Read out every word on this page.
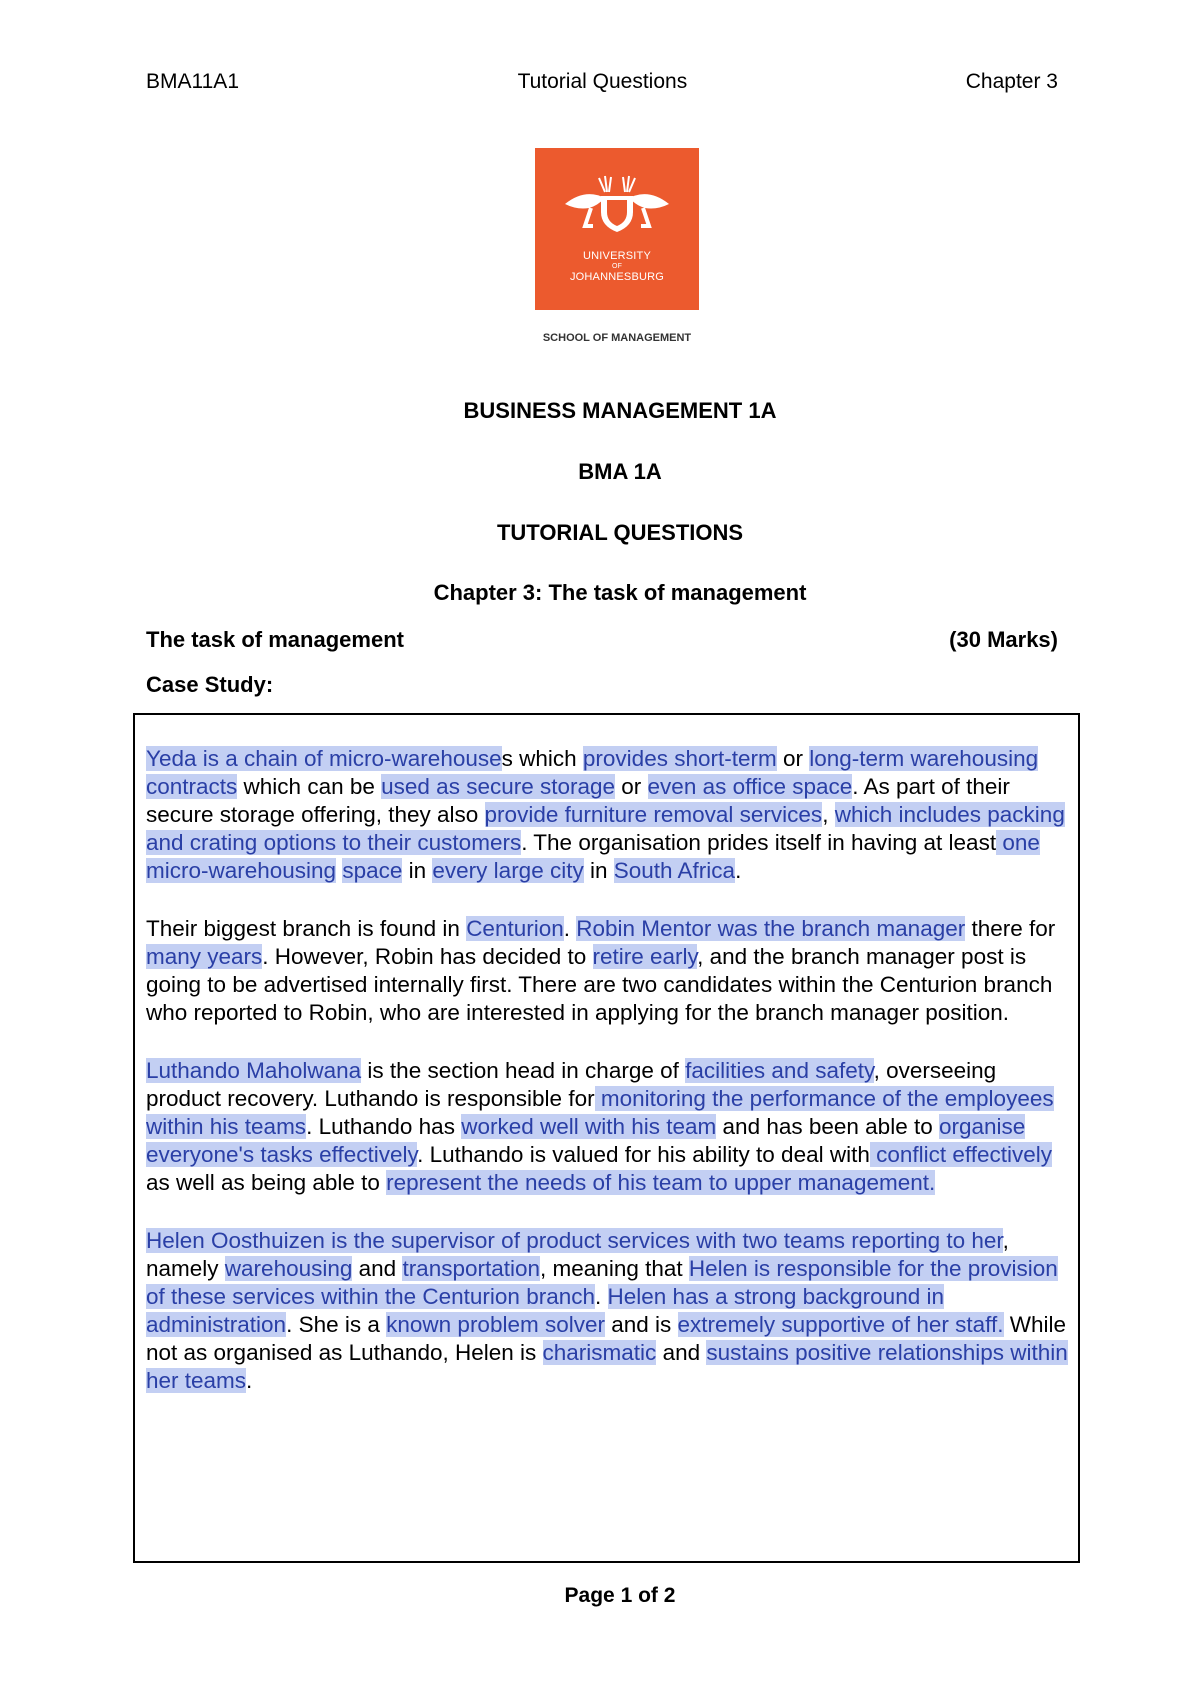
BMA11A1	Tutorial Questions	Chapter 3
UNIVERSITY
OF
JOHANNESBURG
SCHOOL OF MANAGEMENT
BUSINESS MANAGEMENT 1A
BMA 1A
TUTORIAL QUESTIONS
Chapter 3: The task of management
The task of management	(30 Marks)
Case Study:

Yeda is a chain of micro-warehouses which provides short-term or long-term warehousing contracts which can be used as secure storage or even as office space. As part of their secure storage offering, they also provide furniture removal services, which includes packing and crating options to their customers. The organisation prides itself in having at least one micro-warehousing space in every large city in South Africa.

Their biggest branch is found in Centurion. Robin Mentor was the branch manager there for many years. However, Robin has decided to retire early, and the branch manager post is going to be advertised internally first. There are two candidates within the Centurion branch who reported to Robin, who are interested in applying for the branch manager position.

Luthando Maholwana is the section head in charge of facilities and safety, overseeing product recovery. Luthando is responsible for monitoring the performance of the employees within his teams. Luthando has worked well with his team and has been able to organise everyone's tasks effectively. Luthando is valued for his ability to deal with conflict effectively as well as being able to represent the needs of his team to upper management.

Helen Oosthuizen is the supervisor of product services with two teams reporting to her, namely warehousing and transportation, meaning that Helen is responsible for the provision of these services within the Centurion branch. Helen has a strong background in administration. She is a known problem solver and is extremely supportive of her staff. While not as organised as Luthando, Helen is charismatic and sustains positive relationships within her teams.

Page 1 of 2
